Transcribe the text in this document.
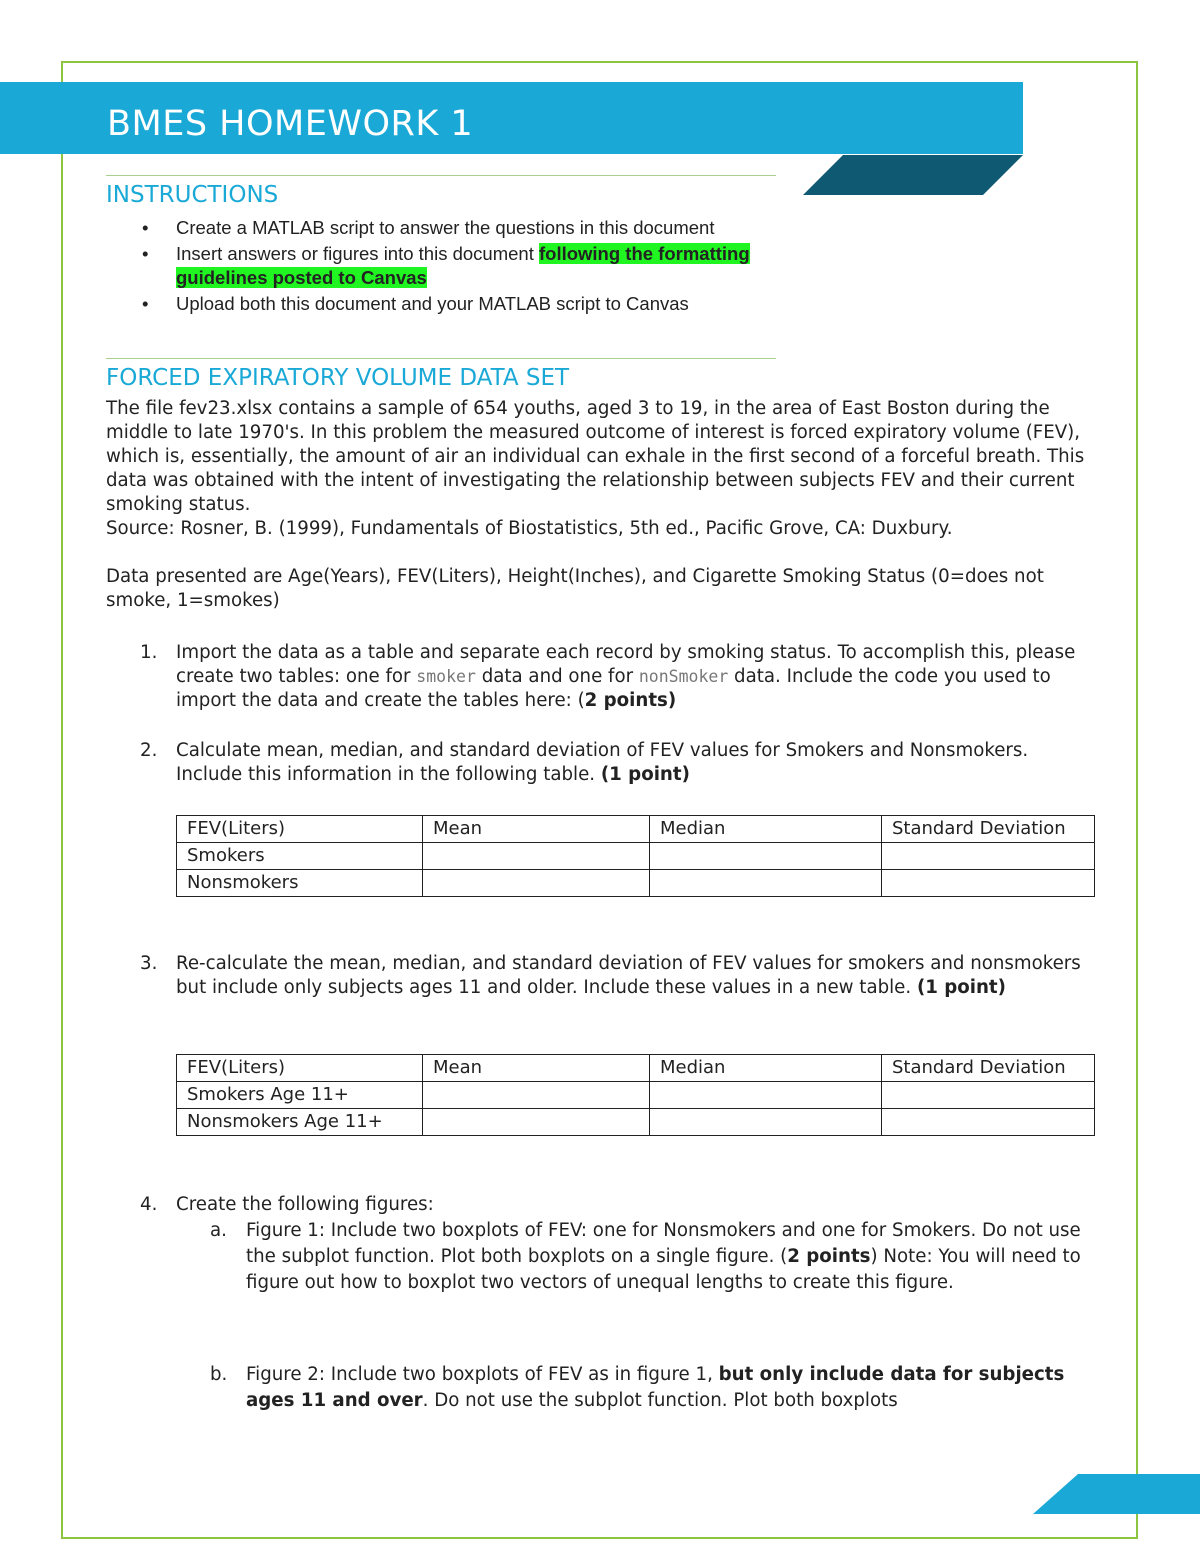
BMES HOMEWORK 1
INSTRUCTIONS
• Create a MATLAB script to answer the questions in this document
• Insert answers or figures into this document following the formatting guidelines posted to Canvas
• Upload both this document and your MATLAB script to Canvas
FORCED EXPIRATORY VOLUME DATA SET
The file fev23.xlsx contains a sample of 654 youths, aged 3 to 19, in the area of East Boston during the middle to late 1970's. In this problem the measured outcome of interest is forced expiratory volume (FEV), which is, essentially, the amount of air an individual can exhale in the first second of a forceful breath. This data was obtained with the intent of investigating the relationship between subjects FEV and their current smoking status.
Source: Rosner, B. (1999), Fundamentals of Biostatistics, 5th ed., Pacific Grove, CA: Duxbury.
Data presented are Age(Years), FEV(Liters), Height(Inches), and Cigarette Smoking Status (0=does not smoke, 1=smokes)
1. Import the data as a table and separate each record by smoking status. To accomplish this, please create two tables: one for smoker data and one for nonSmoker data. Include the code you used to import the data and create the tables here: (2 points)
2. Calculate mean, median, and standard deviation of FEV values for Smokers and Nonsmokers. Include this information in the following table. (1 point)
FEV(Liters)	Mean	Median	Standard Deviation
Smokers			
Nonsmokers			
3. Re-calculate the mean, median, and standard deviation of FEV values for smokers and nonsmokers but include only subjects ages 11 and older. Include these values in a new table. (1 point)
FEV(Liters)	Mean	Median	Standard Deviation
Smokers Age 11+			
Nonsmokers Age 11+			
4. Create the following figures:
a. Figure 1: Include two boxplots of FEV: one for Nonsmokers and one for Smokers. Do not use the subplot function. Plot both boxplots on a single figure. (2 points) Note: You will need to figure out how to boxplot two vectors of unequal lengths to create this figure.
b. Figure 2: Include two boxplots of FEV as in figure 1, but only include data for subjects ages 11 and over. Do not use the subplot function. Plot both boxplots
